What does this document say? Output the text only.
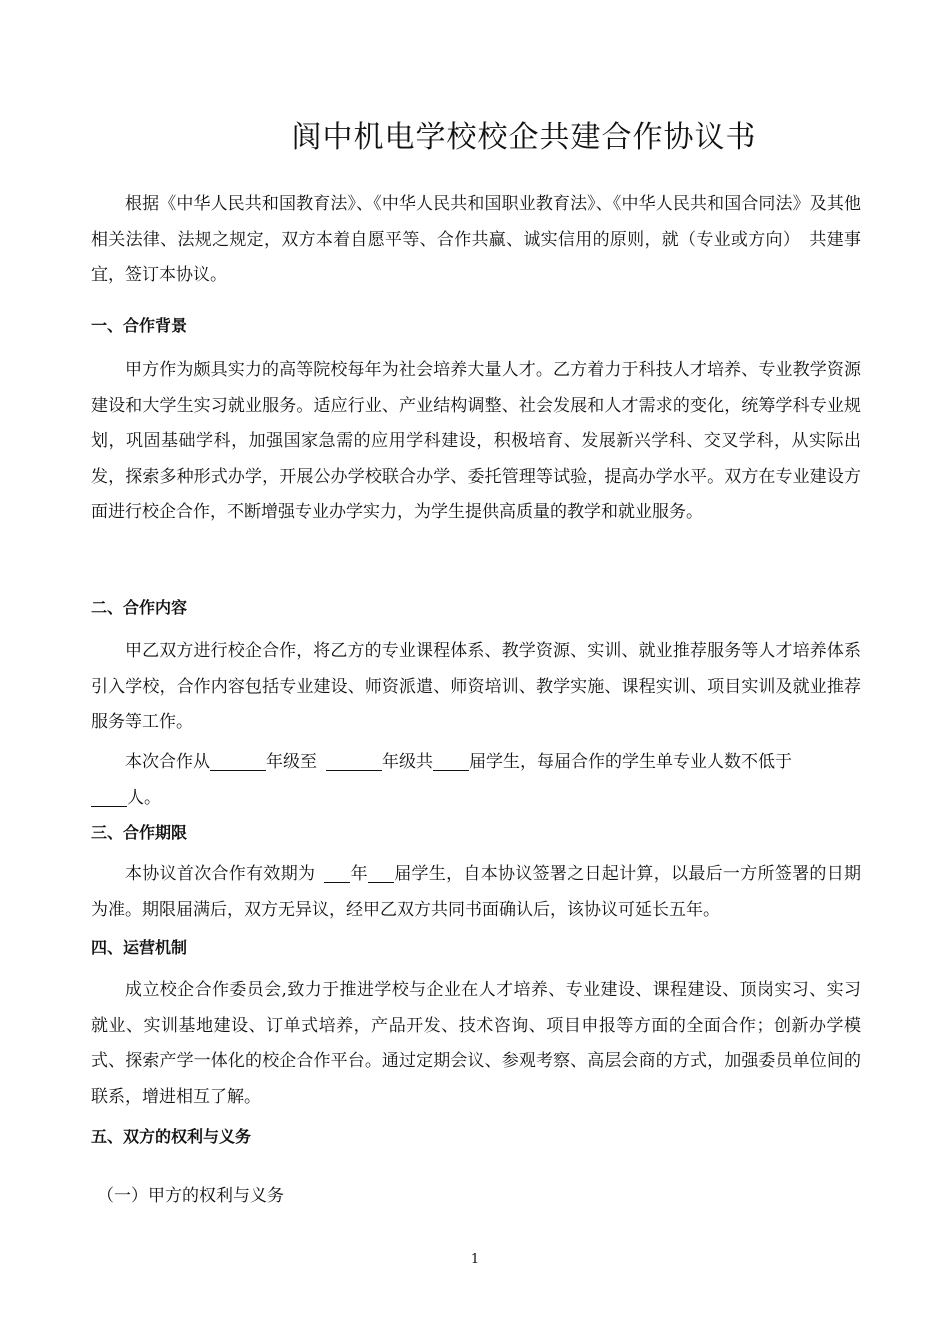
阆中机电学校校企共建合作协议书
根据《中华人民共和国教育法》、《中华人民共和国职业教育法》、《中华人民共和国合同法》及其他相关法律、法规之规定，双方本着自愿平等、合作共赢、诚实信用的原则，就（专业或方向） 共建事宜，签订本协议。
一、合作背景
甲方作为颇具实力的高等院校每年为社会培养大量人才。乙方着力于科技人才培养、专业教学资源建设和大学生实习就业服务。适应行业、产业结构调整、社会发展和人才需求的变化，统筹学科专业规划，巩固基础学科，加强国家急需的应用学科建设，积极培育、发展新兴学科、交叉学科，从实际出发，探索多种形式办学，开展公办学校联合办学、委托管理等试验，提高办学水平。双方在专业建设方面进行校企合作，不断增强专业办学实力，为学生提供高质量的教学和就业服务。
二、合作内容
甲乙双方进行校企合作，将乙方的专业课程体系、教学资源、实训、就业推荐服务等人才培养体系引入学校，合作内容包括专业建设、师资派遣、师资培训、教学实施、课程实训、项目实训及就业推荐服务等工作。
本次合作从	年级至	年级共 届学生，每届合作的学生单专业人数不低于
人。
三、合作期限
本协议首次合作有效期为 年 届学生，自本协议签署之日起计算，以最后一方所签署的日期为准。期限届满后，双方无异议，经甲乙双方共同书面确认后，该协议可延长五年。
四、运营机制
成立校企合作委员会,致力于推进学校与企业在人才培养、专业建设、课程建设、顶岗实习、实习就业、实训基地建设、订单式培养，产品开发、技术咨询、项目申报等方面的全面合作；创新办学模式、探索产学一体化的校企合作平台。通过定期会议、参观考察、高层会商的方式，加强委员单位间的联系，增进相互了解。
五、双方的权利与义务
（一）甲方的权利与义务
1
